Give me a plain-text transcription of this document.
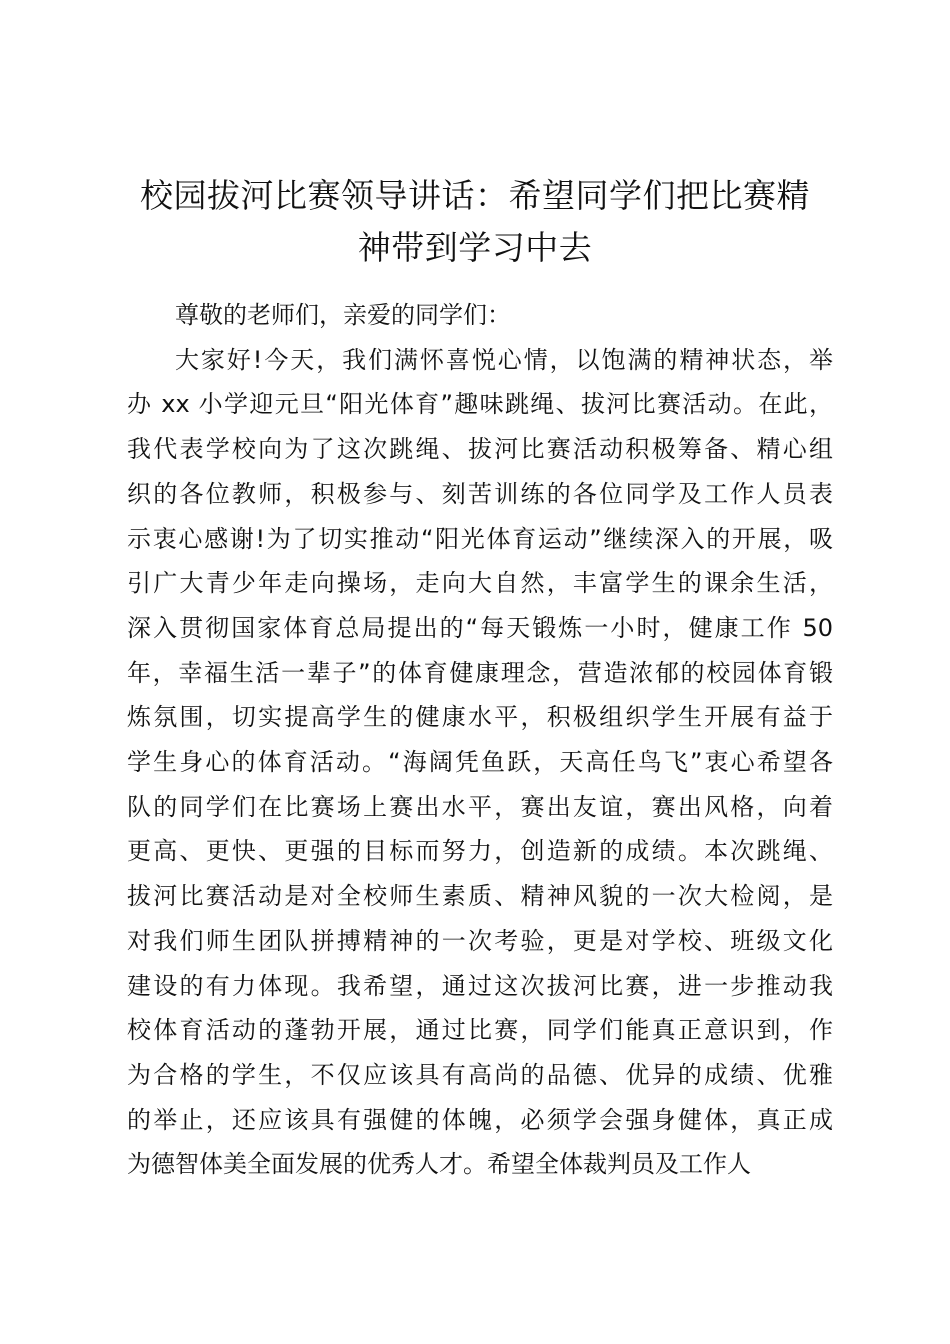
校园拔河比赛领导讲话：希望同学们把比赛精
神带到学习中去
尊敬的老师们，亲爱的同学们：
大家好!今天，我们满怀喜悦心情，以饱满的精神状态，举
办 xx 小学迎元旦“阳光体育”趣味跳绳、拔河比赛活动。在此，
我代表学校向为了这次跳绳、拔河比赛活动积极筹备、精心组
织的各位教师，积极参与、刻苦训练的各位同学及工作人员表
示衷心感谢!为了切实推动“阳光体育运动”继续深入的开展，吸
引广大青少年走向操场，走向大自然，丰富学生的课余生活，
深入贯彻国家体育总局提出的“每天锻炼一小时，健康工作 50
年，幸福生活一辈子”的体育健康理念，营造浓郁的校园体育锻
炼氛围，切实提高学生的健康水平，积极组织学生开展有益于
学生身心的体育活动。“海阔凭鱼跃，天高任鸟飞”衷心希望各
队的同学们在比赛场上赛出水平，赛出友谊，赛出风格，向着
更高、更快、更强的目标而努力，创造新的成绩。本次跳绳、
拔河比赛活动是对全校师生素质、精神风貌的一次大检阅，是
对我们师生团队拼搏精神的一次考验，更是对学校、班级文化
建设的有力体现。我希望，通过这次拔河比赛，进一步推动我
校体育活动的蓬勃开展，通过比赛，同学们能真正意识到，作
为合格的学生，不仅应该具有高尚的品德、优异的成绩、优雅
的举止，还应该具有强健的体魄，必须学会强身健体，真正成
为德智体美全面发展的优秀人才。希望全体裁判员及工作人
